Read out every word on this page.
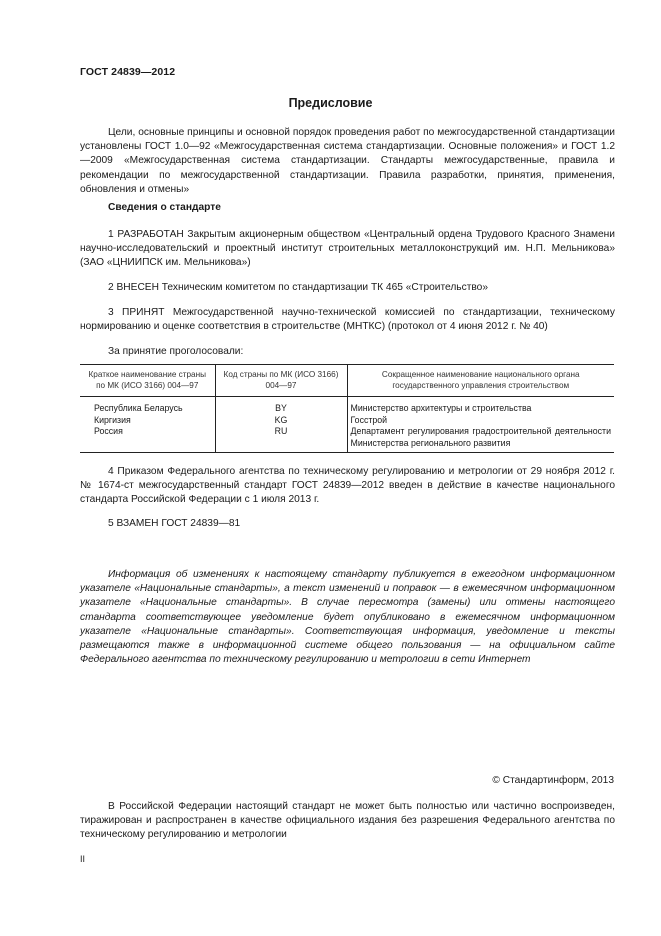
ГОСТ 24839—2012
Предисловие
Цели, основные принципы и основной порядок проведения работ по межгосударственной стандартизации установлены ГОСТ 1.0—92 «Межгосударственная система стандартизации. Основные положения» и ГОСТ 1.2—2009 «Межгосударственная система стандартизации. Стандарты межгосударственные, правила и рекомендации по межгосударственной стандартизации. Правила разработки, принятия, применения, обновления и отмены»
Сведения о стандарте
1 РАЗРАБОТАН Закрытым акционерным обществом «Центральный ордена Трудового Красного Знамени научно-исследовательский и проектный институт строительных металлоконструкций им. Н.П. Мельникова» (ЗАО «ЦНИИПСК им. Мельникова»)
2 ВНЕСЕН Техническим комитетом по стандартизации ТК 465 «Строительство»
3 ПРИНЯТ Межгосударственной научно-технической комиссией по стандартизации, техническому нормированию и оценке соответствия в строительстве (МНТКС) (протокол от 4 июня 2012 г. № 40)
За принятие проголосовали:
Краткое наименование страны по МК (ИСО 3166) 004—97	Код страны по МК (ИСО 3166) 004—97	Сокращенное наименование национального органа государственного управления строительством
Республика Беларусь	BY	Министерство архитектуры и строительства
Киргизия	KG	Госстрой
Россия	RU	Департамент регулирования градостроительной деятельности Министерства регионального развития
4 Приказом Федерального агентства по техническому регулированию и метрологии от 29 ноября 2012 г. № 1674-ст межгосударственный стандарт ГОСТ 24839—2012 введен в действие в качестве национального стандарта Российской Федерации с 1 июля 2013 г.
5 ВЗАМЕН ГОСТ 24839—81
Информация об изменениях к настоящему стандарту публикуется в ежегодном информационном указателе «Национальные стандарты», а текст изменений и поправок — в ежемесячном информационном указателе «Национальные стандарты». В случае пересмотра (замены) или отмены настоящего стандарта соответствующее уведомление будет опубликовано в ежемесячном информационном указателе «Национальные стандарты». Соответствующая информация, уведомление и тексты размещаются также в информационной системе общего пользования — на официальном сайте Федерального агентства по техническому регулированию и метрологии в сети Интернет
© Стандартинформ, 2013
В Российской Федерации настоящий стандарт не может быть полностью или частично воспроизведен, тиражирован и распространен в качестве официального издания без разрешения Федерального агентства по техническому регулированию и метрологии
II
